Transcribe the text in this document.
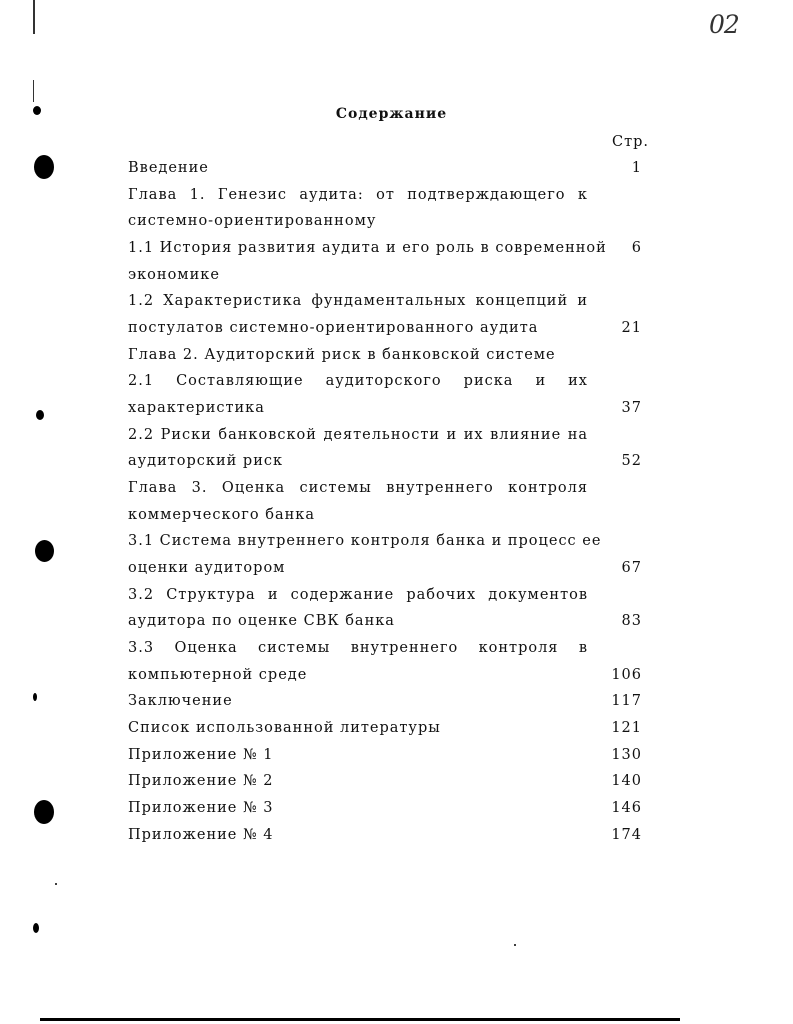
02
Содержание
Стр.
Введение	1
Глава 1. Генезис аудита: от подтверждающего к
системно-ориентированному
1.1 История развития аудита и его роль в современной 6
экономике
1.2 Характеристика фундаментальных концепций и
постулатов системно-ориентированного аудита	21
Глава 2. Аудиторский риск в банковской системе
2.1 Составляющие аудиторского риска и их
характеристика	37
2.2 Риски банковской деятельности и их влияние на
аудиторский риск	52
Глава 3. Оценка системы внутреннего контроля
коммерческого банка
3.1 Система внутреннего контроля банка и процесс ее
оценки аудитором	67
3.2 Структура и содержание рабочих документов
аудитора по оценке СВК банка	83
3.3 Оценка системы внутреннего контроля в
компьютерной среде	106
Заключение	117
Список использованной литературы	121
Приложение № 1	130
Приложение № 2	140
Приложение № 3	146
Приложение № 4	174
